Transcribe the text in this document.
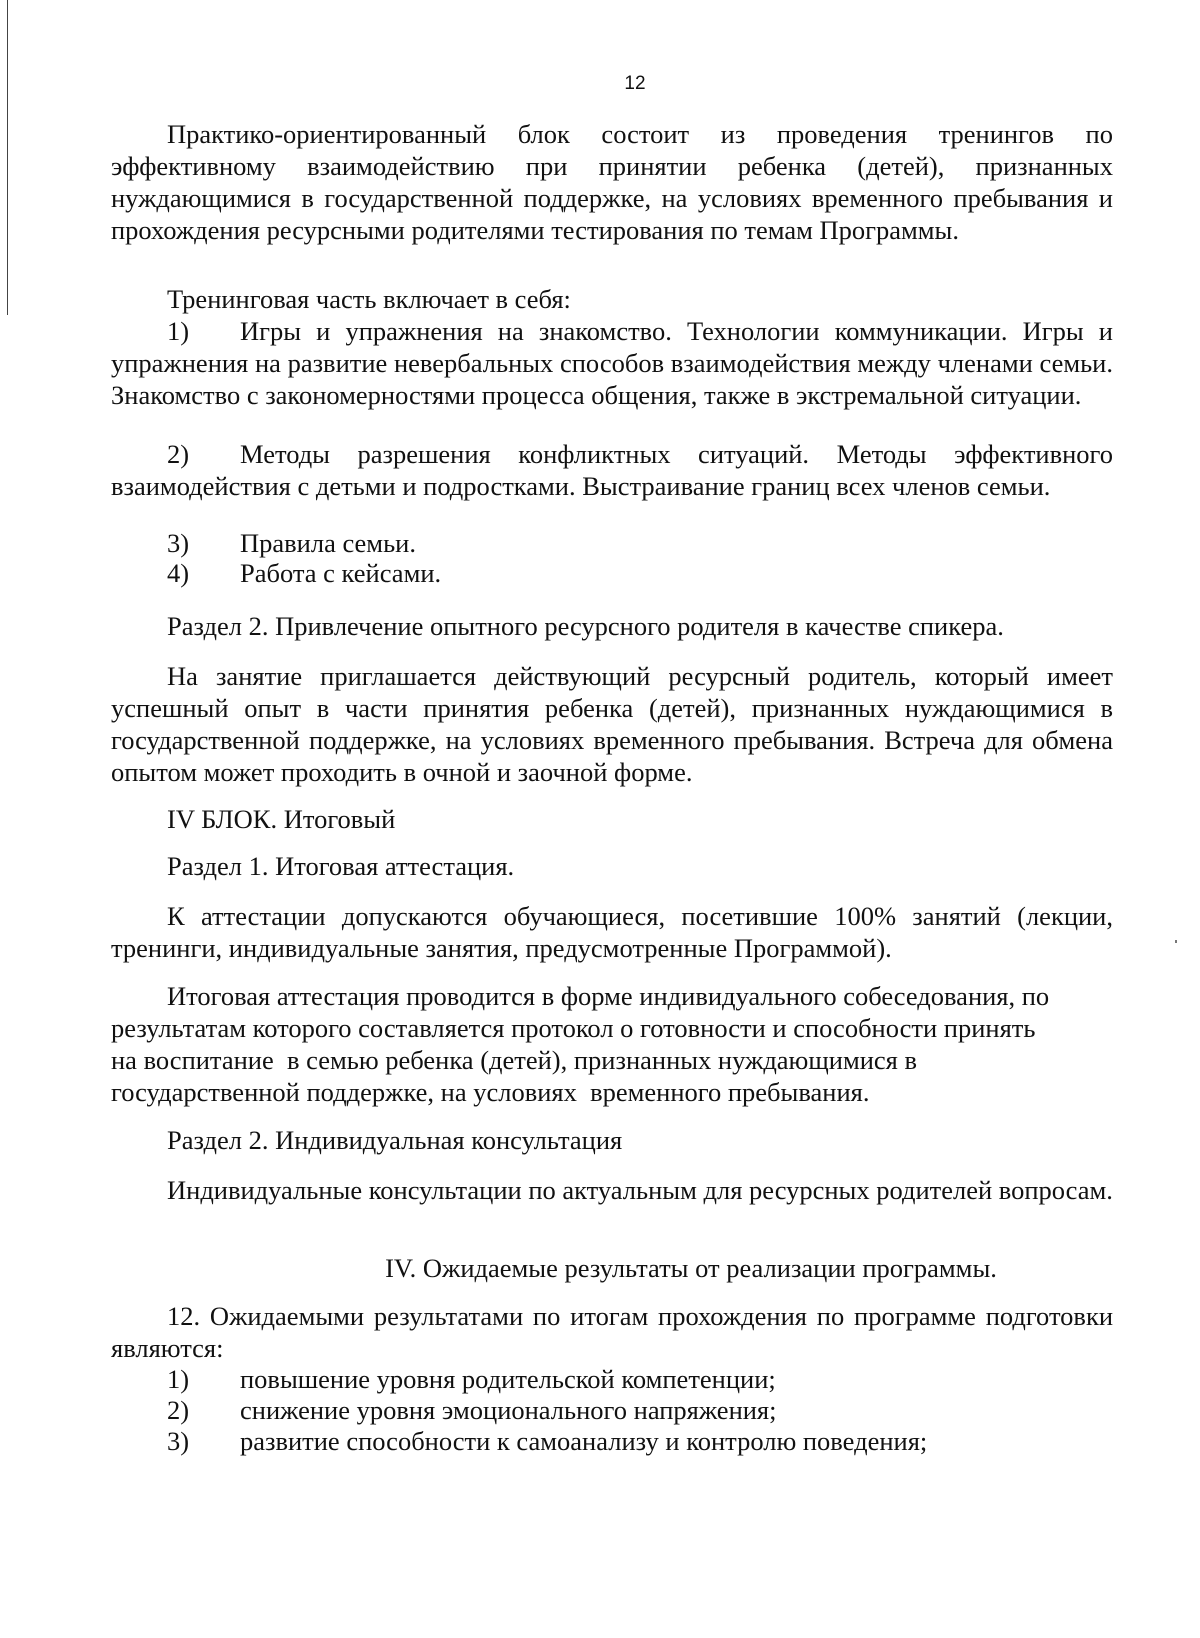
12

Практико-ориентированный блок состоит из проведения тренингов по эффективному взаимодействию при принятии ребенка (детей), признанных нуждающимися в государственной поддержке, на условиях временного пребывания и прохождения ресурсными родителями тестирования по темам Программы.

Тренинговая часть включает в себя:

1) Игры и упражнения на знакомство. Технологии коммуникации. Игры и упражнения на развитие невербальных способов взаимодействия между членами семьи. Знакомство с закономерностями процесса общения, также в экстремальной ситуации.

2) Методы разрешения конфликтных ситуаций. Методы эффективного взаимодействия с детьми и подростками. Выстраивание границ всех членов семьи.

3) Правила семьи.

4) Работа с кейсами.

Раздел 2. Привлечение опытного ресурсного родителя в качестве спикера.

На занятие приглашается действующий ресурсный родитель, который имеет успешный опыт в части принятия ребенка (детей), признанных нуждающимися в государственной поддержке, на условиях временного пребывания. Встреча для обмена опытом может проходить в очной и заочной форме.

IV БЛОК. Итоговый

Раздел 1. Итоговая аттестация.

К аттестации допускаются обучающиеся, посетившие 100% занятий (лекции, тренинги, индивидуальные занятия, предусмотренные Программой).

Итоговая аттестация проводится в форме индивидуального собеседования, по
результатам которого составляется протокол о готовности и способности принять
на воспитание  в семью ребенка (детей), признанных нуждающимися в
государственной поддержке, на условиях  временного пребывания.

Раздел 2. Индивидуальная консультация

Индивидуальные консультации по актуальным для ресурсных родителей вопросам.

IV. Ожидаемые результаты от реализации программы.

12. Ожидаемыми результатами по итогам прохождения по программе подготовки являются:

1) повышение уровня родительской компетенции;

2) снижение уровня эмоционального напряжения;

3) развитие способности к самоанализу и контролю поведения;
